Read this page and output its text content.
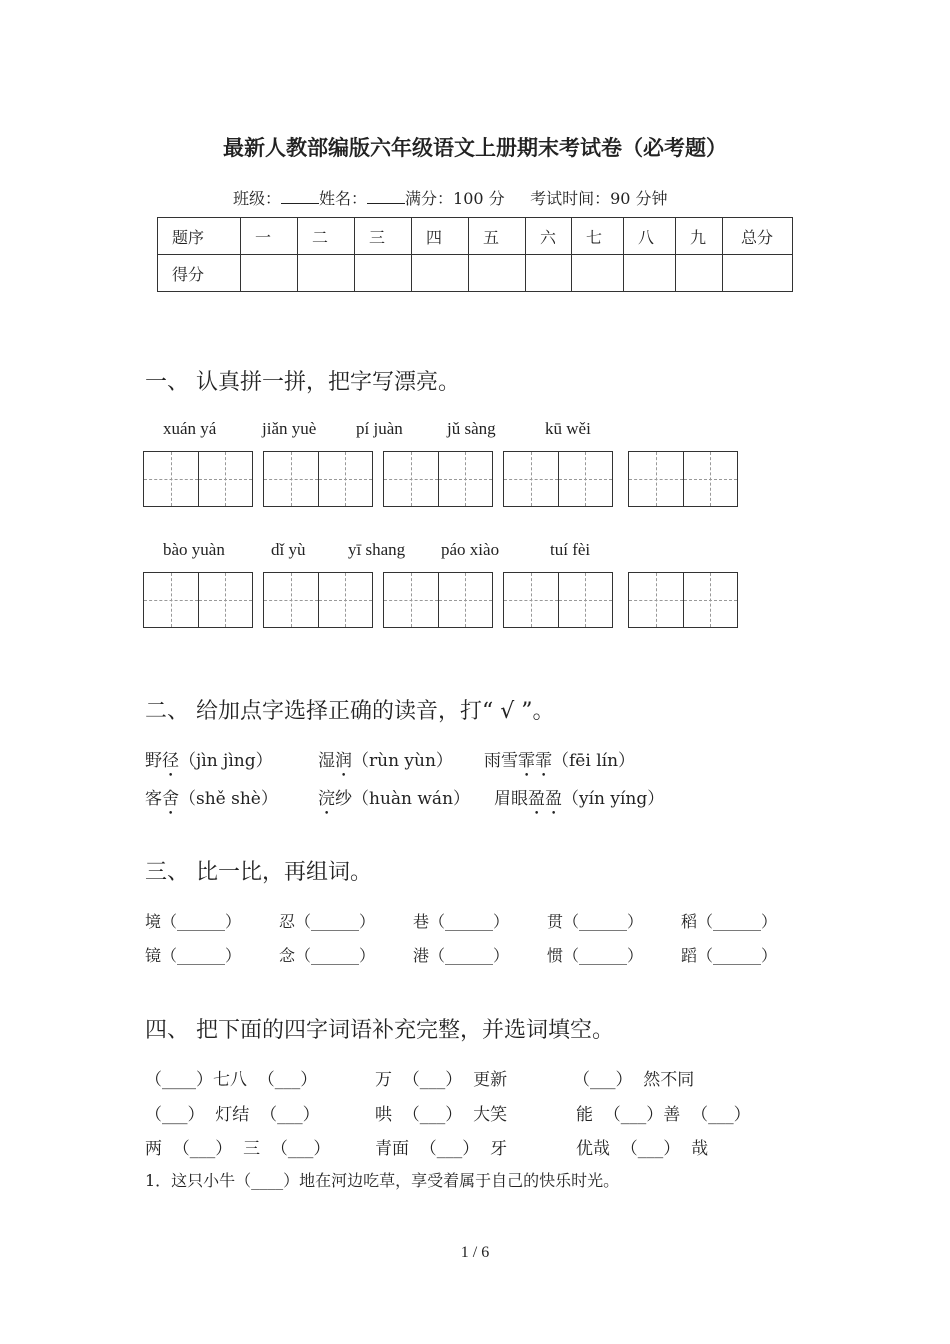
最新人教部编版六年级语文上册期末考试卷（必考题）
班级： 姓名： 满分：100 分 考试时间：90 分钟
题序	一	二	三	四	五	六	七	八	九	总分
得分										
一、 认真拼一拼，把字写漂亮。
xuán yá	jiǎn yuè pí juàn	jǔ sàng	kū wěi
bào yuàn	dǐ yù	yī shang páo xiào	tuí fèi
二、 给加点字选择正确的读音，打“ √ ”。
野径（jìn jìng）	湿润（rùn yùn） 雨雪霏霏（fēi lín）
客舍（shě shè） 浣纱（huàn wán） 眉眼盈盈（yín yíng）
三、 比一比，再组词。
境（______） 忍（______） 巷（______） 贯（______） 稻（______）
镜（______） 念（______） 港（______） 惯（______） 蹈（______）
四、 把下面的四字词语补充完整，并选词填空。
（____）七八  （___）	万  （___）  更新	（___）  然不同
（___）  灯结  （___）	哄  （___）  大笑	能  （___）善  （___）
两  （___）  三  （___）	青面  （___）  牙	优哉  （___）  哉
1．这只小牛（____）地在河边吃草，享受着属于自己的快乐时光。
1 / 6
